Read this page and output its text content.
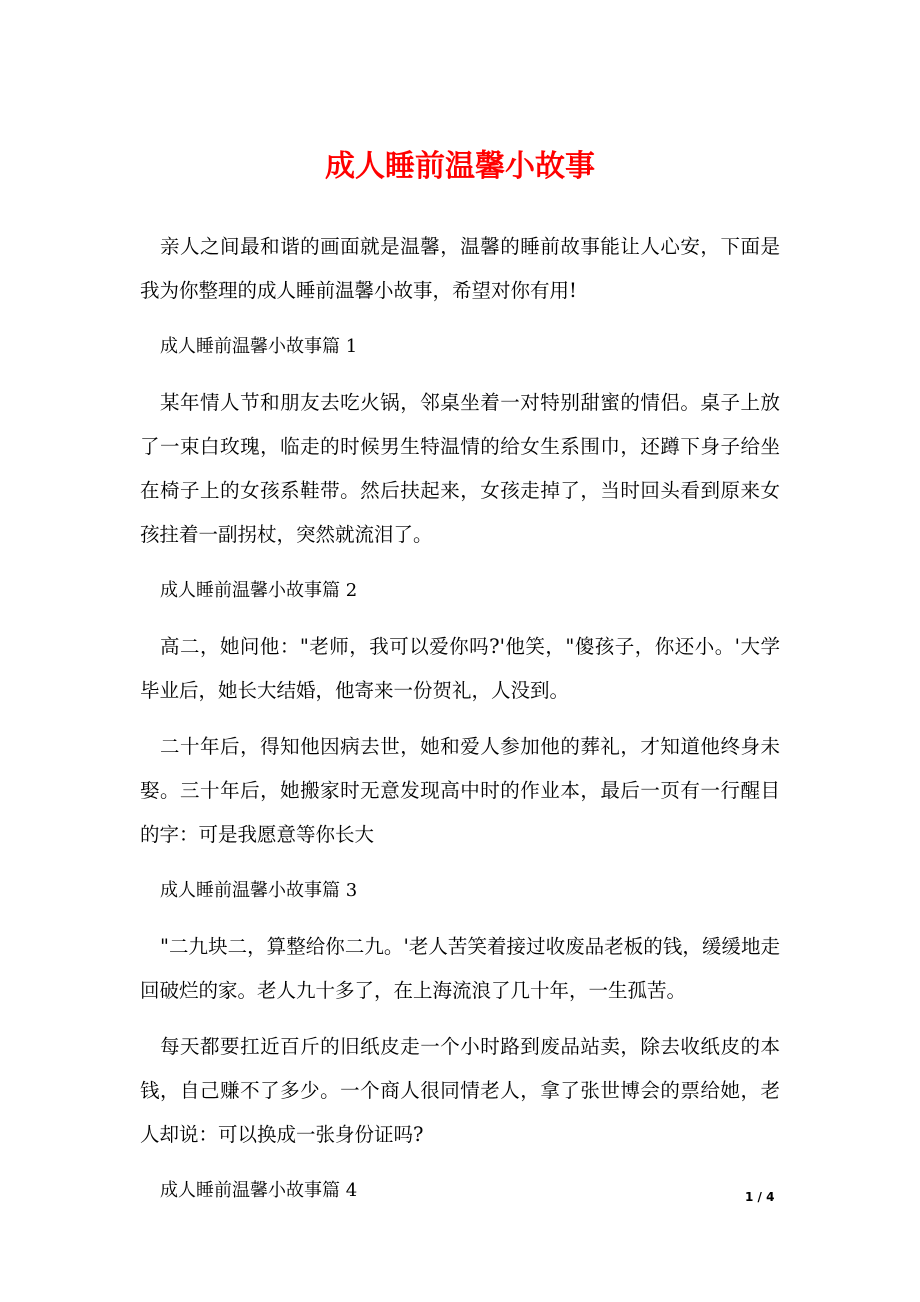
成人睡前温馨小故事

亲人之间最和谐的画面就是温馨，温馨的睡前故事能让人心安，下面是我为你整理的成人睡前温馨小故事，希望对你有用!

成人睡前温馨小故事篇 1

某年情人节和朋友去吃火锅，邻桌坐着一对特别甜蜜的情侣。桌子上放了一束白玫瑰，临走的时候男生特温情的给女生系围巾，还蹲下身子给坐在椅子上的女孩系鞋带。然后扶起来，女孩走掉了，当时回头看到原来女孩拄着一副拐杖，突然就流泪了。

成人睡前温馨小故事篇 2

高二，她问他："老师，我可以爱你吗?'他笑，"傻孩子，你还小。'大学毕业后，她长大结婚，他寄来一份贺礼，人没到。

二十年后，得知他因病去世，她和爱人参加他的葬礼，才知道他终身未娶。三十年后，她搬家时无意发现高中时的作业本，最后一页有一行醒目的字：可是我愿意等你长大

成人睡前温馨小故事篇 3

"二九块二，算整给你二九。'老人苦笑着接过收废品老板的钱，缓缓地走回破烂的家。老人九十多了，在上海流浪了几十年，一生孤苦。

每天都要扛近百斤的旧纸皮走一个小时路到废品站卖，除去收纸皮的本钱，自己赚不了多少。一个商人很同情老人，拿了张世博会的票给她，老人却说：可以换成一张身份证吗?

成人睡前温馨小故事篇 4	1 / 4
